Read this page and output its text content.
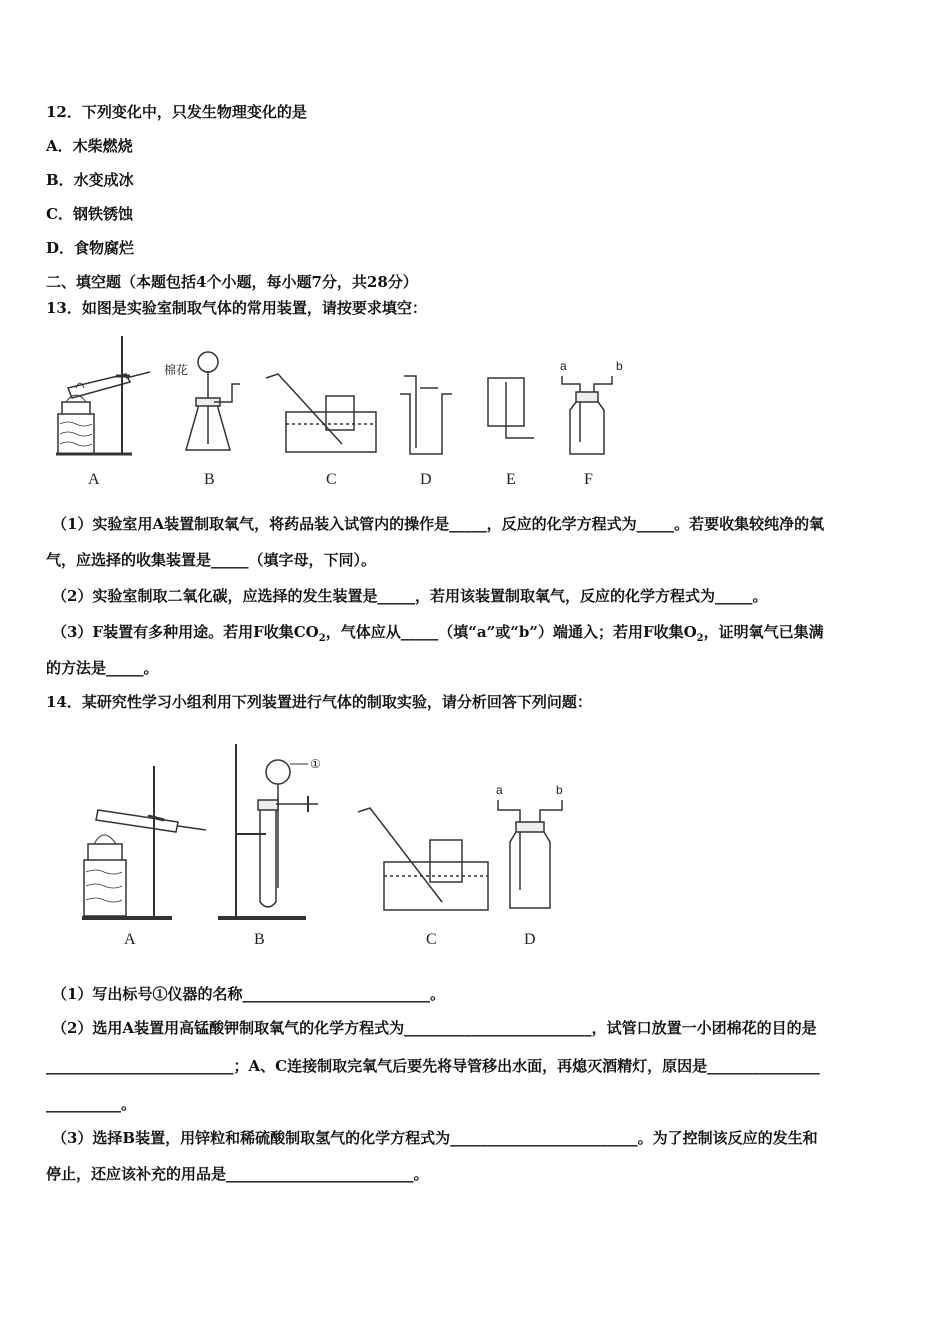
12．下列变化中，只发生物理变化的是
A．木柴燃烧
B．水变成冰
C．钢铁锈蚀
D．食物腐烂
二、填空题（本题包括4个小题，每小题7分，共28分）
13．如图是实验室制取气体的常用装置，请按要求填空：
A
棉花
B	C	D	E
a	b
F
（1）实验室用A装置制取氧气，将药品装入试管内的操作是_____，反应的化学方程式为_____。若要收集较纯净的氧
气，应选择的收集装置是_____（填字母，下同）。
（2）实验室制取二氧化碳，应选择的发生装置是_____，若用该装置制取氧气，反应的化学方程式为_____。
（3）F装置有多种用途。若用F收集$CO_2$，气体应从_____（填“a”或“b”）端通入；若用F收集$O_2$，证明氧气已集满
的方法是_____。
14．某研究性学习小组利用下列装置进行气体的制取实验，请分析回答下列问题：
A
①
B	C
a	b
D
（1）写出标号①仪器的名称_________________________。
（2）选用A装置用高锰酸钾制取氧气的化学方程式为_________________________，试管口放置一小团棉花的目的是
_________________________；A、C连接制取完氧气后要先将导管移出水面，再熄灭酒精灯，原因是_______________
__________。
（3）选择B装置，用锌粒和稀硫酸制取氢气的化学方程式为_________________________。为了控制该反应的发生和
停止，还应该补充的用品是_________________________。
